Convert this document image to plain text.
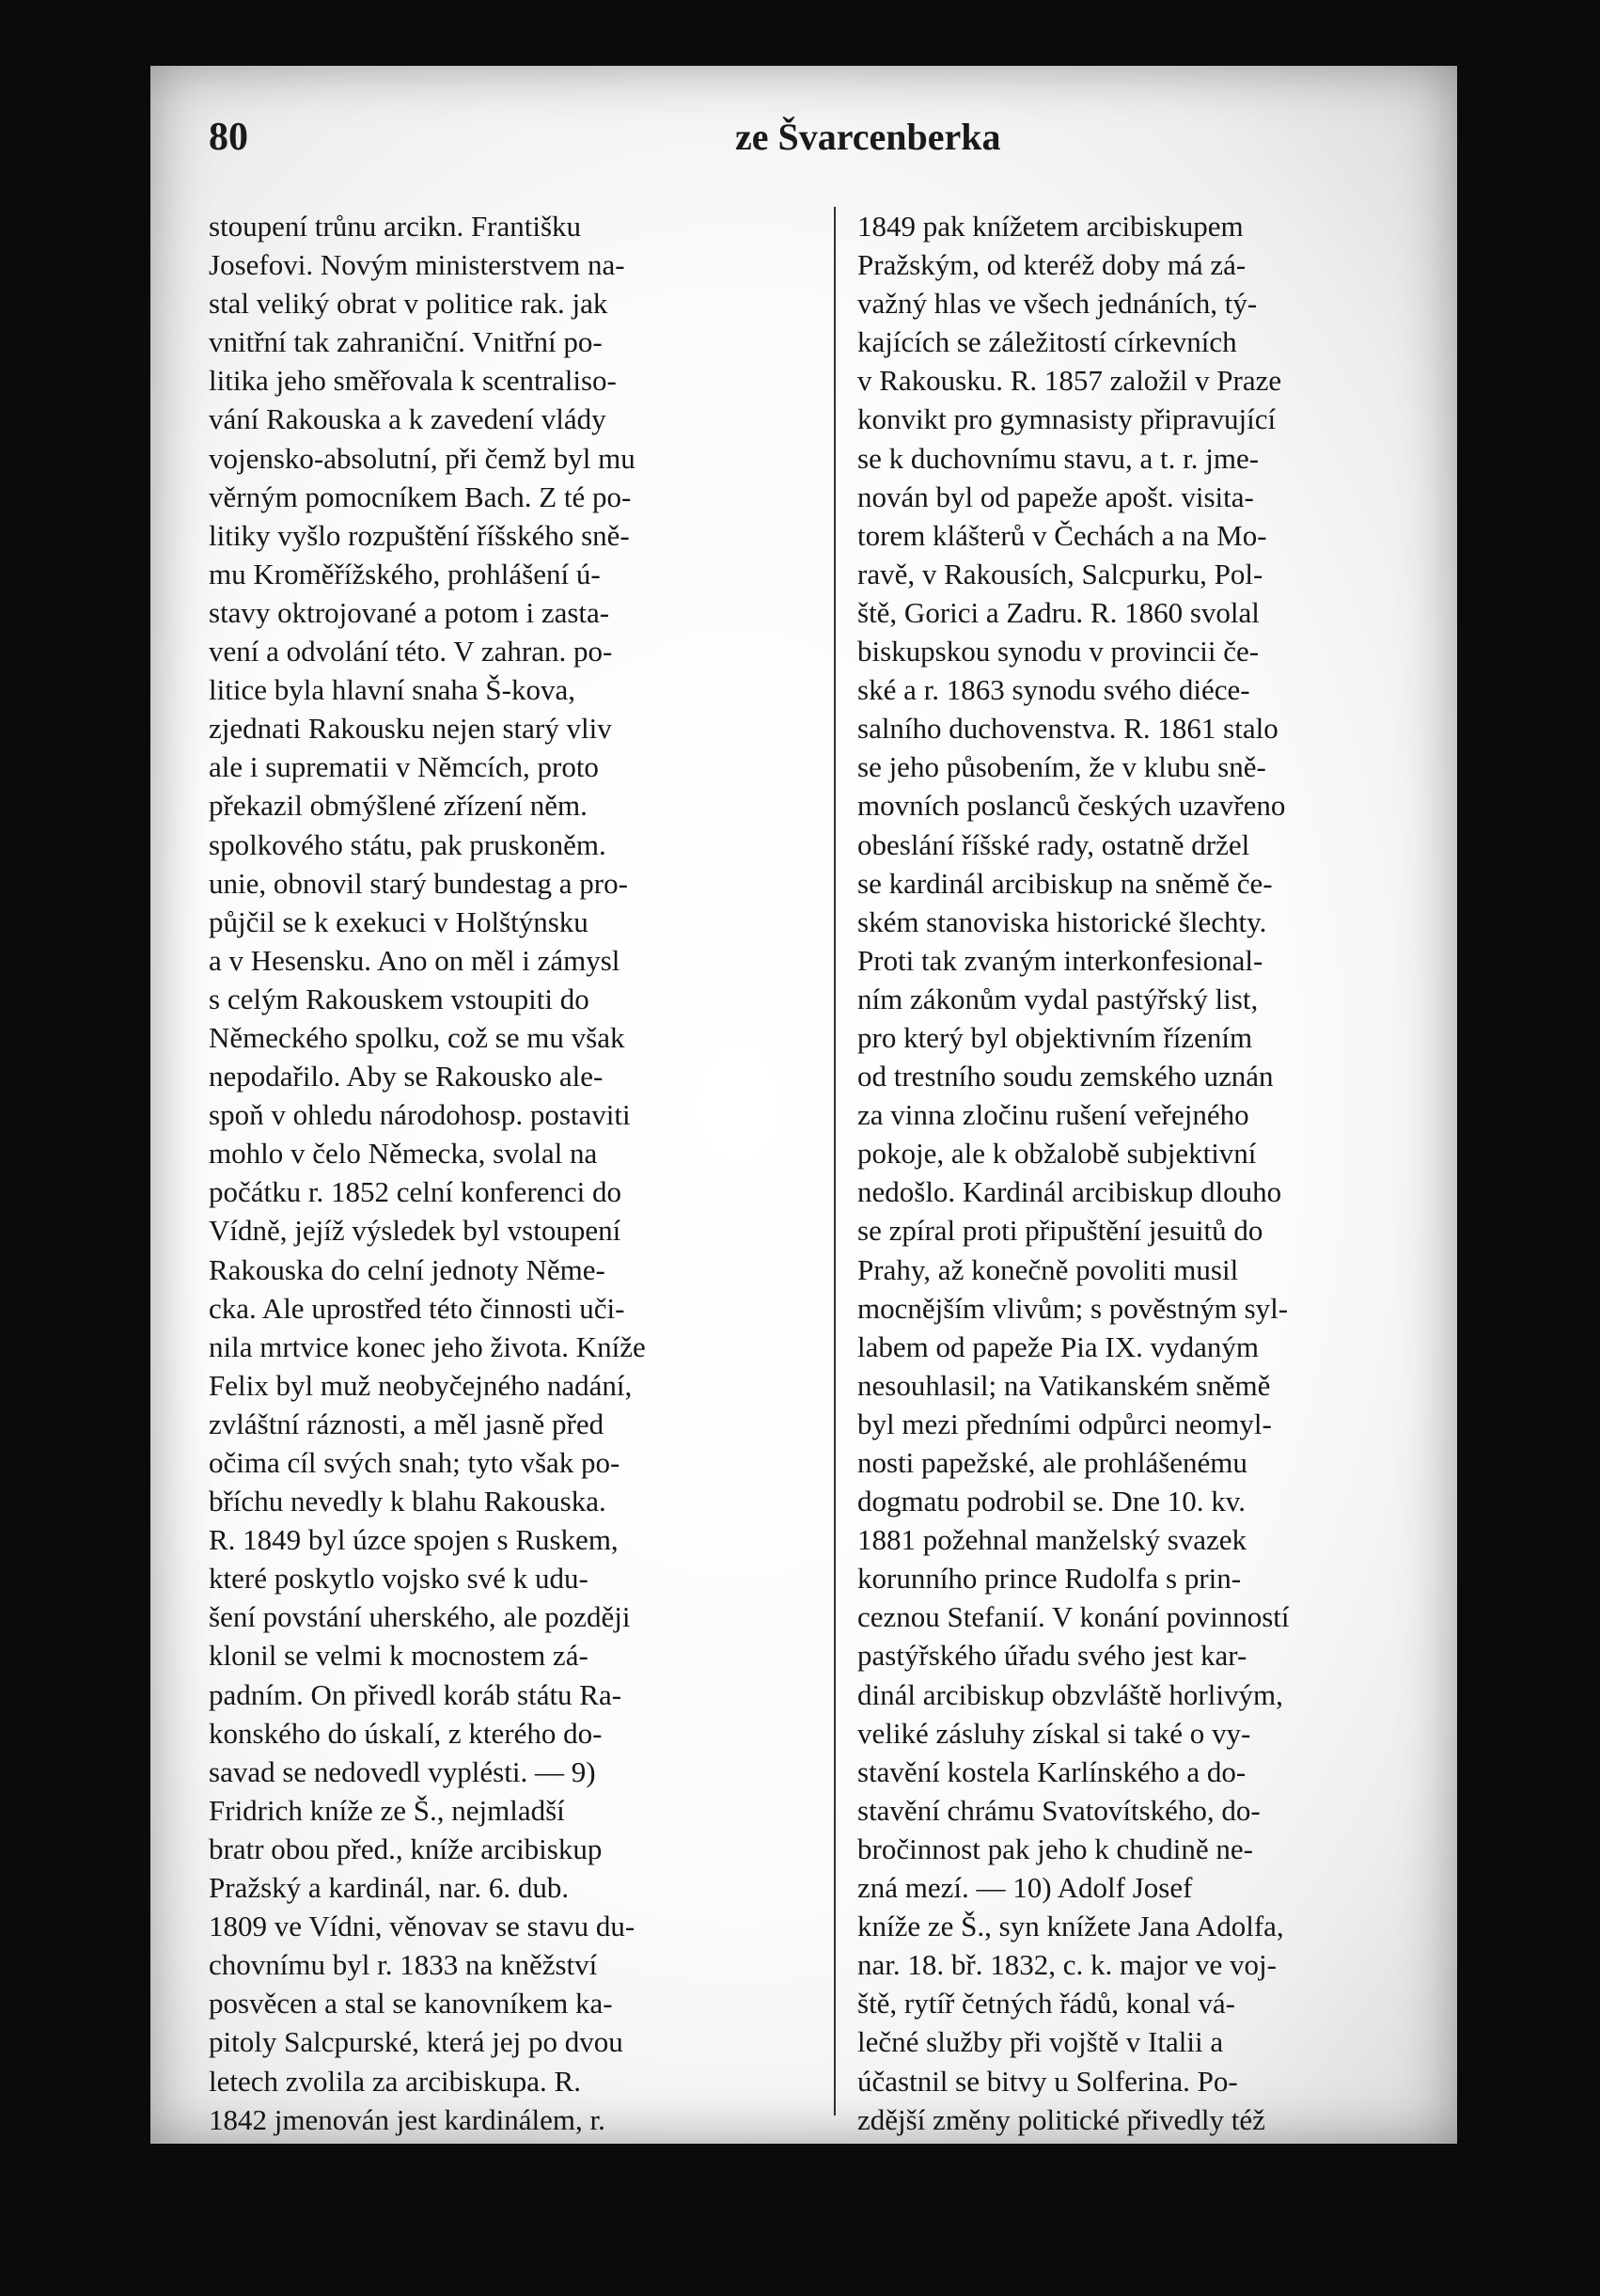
80	ze Švarcenberka
stoupení trůnu arcikn. Františku
Josefovi. Novým ministerstvem na-
stal veliký obrat v politice rak. jak
vnitřní tak zahraniční. Vnitřní po-
litika jeho směřovala k scentraliso-
vání Rakouska a k zavedení vlády
vojensko-absolutní, při čemž byl mu
věrným pomocníkem Bach. Z té po-
litiky vyšlo rozpuštění říšského sně-
mu Kroměřížského, prohlášení ú-
stavy oktrojované a potom i zasta-
vení a odvolání této. V zahran. po-
litice byla hlavní snaha Š-kova,
zjednati Rakousku nejen starý vliv
ale i suprematii v Němcích, proto
překazil obmýšlené zřízení něm.
spolkového státu, pak pruskoněm.
unie, obnovil starý bundestag a pro-
půjčil se k exekuci v Holštýnsku
a v Hesensku. Ano on měl i zámysl
s celým Rakouskem vstoupiti do
Německého spolku, což se mu však
nepodařilo. Aby se Rakousko ale-
spoň v ohledu národohosp. postaviti
mohlo v čelo Německa, svolal na
počátku r. 1852 celní konferenci do
Vídně, jejíž výsledek byl vstoupení
Rakouska do celní jednoty Něme-
cka. Ale uprostřed této činnosti uči-
nila mrtvice konec jeho života. Kníže
Felix byl muž neobyčejného nadání,
zvláštní ráznosti, a měl jasně před
očima cíl svých snah; tyto však po-
bříchu nevedly k blahu Rakouska.
R. 1849 byl úzce spojen s Ruskem,
které poskytlo vojsko své k udu-
šení povstání uherského, ale později
klonil se velmi k mocnostem zá-
padním. On přivedl koráb státu Ra-
konského do úskalí, z kterého do-
savad se nedovedl vyplésti. — 9)
Fridrich kníže ze Š., nejmladší
bratr obou před., kníže arcibiskup
Pražský a kardinál, nar. 6. dub.
1809 ve Vídni, věnovav se stavu du-
chovnímu byl r. 1833 na kněžství
posvěcen a stal se kanovníkem ka-
pitoly Salcpurské, která jej po dvou
letech zvolila za arcibiskupa. R.
1842 jmenován jest kardinálem, r.
1849 pak knížetem arcibiskupem
Pražským, od kteréž doby má zá-
važný hlas ve všech jednáních, tý-
kajících se záležitostí církevních
v Rakousku. R. 1857 založil v Praze
konvikt pro gymnasisty připravující
se k duchovnímu stavu, a t. r. jme-
nován byl od papeže apošt. visita-
torem klášterů v Čechách a na Mo-
ravě, v Rakousích, Salcpurku, Pol-
ště, Gorici a Zadru. R. 1860 svolal
biskupskou synodu v provincii če-
ské a r. 1863 synodu svého diéce-
salního duchovenstva. R. 1861 stalo
se jeho působením, že v klubu sně-
movních poslanců českých uzavřeno
obeslání říšské rady, ostatně držel
se kardinál arcibiskup na sněmě če-
ském stanoviska historické šlechty.
Proti tak zvaným interkonfesional-
ním zákonům vydal pastýřský list,
pro který byl objektivním řízením
od trestního soudu zemského uznán
za vinna zločinu rušení veřejného
pokoje, ale k obžalobě subjektivní
nedošlo. Kardinál arcibiskup dlouho
se zpíral proti připuštění jesuitů do
Prahy, až konečně povoliti musil
mocnějším vlivům; s pověstným syl-
labem od papeže Pia IX. vydaným
nesouhlasil; na Vatikanském sněmě
byl mezi předními odpůrci neomyl-
nosti papežské, ale prohlášenému
dogmatu podrobil se. Dne 10. kv.
1881 požehnal manželský svazek
korunního prince Rudolfa s prin-
ceznou Stefanií. V konání povinností
pastýřského úřadu svého jest kar-
dinál arcibiskup obzvláště horlivým,
veliké zásluhy získal si také o vy-
stavění kostela Karlínského a do-
stavění chrámu Svatovítského, do-
bročinnost pak jeho k chudině ne-
zná mezí. — 10) Adolf Josef
kníže ze Š., syn knížete Jana Adolfa,
nar. 18. bř. 1832, c. k. major ve voj-
ště, rytíř četných řádů, konal vá-
lečné služby při vojště v Italii a
účastnil se bitvy u Solferina. Po-
zdější změny politické přivedly též
